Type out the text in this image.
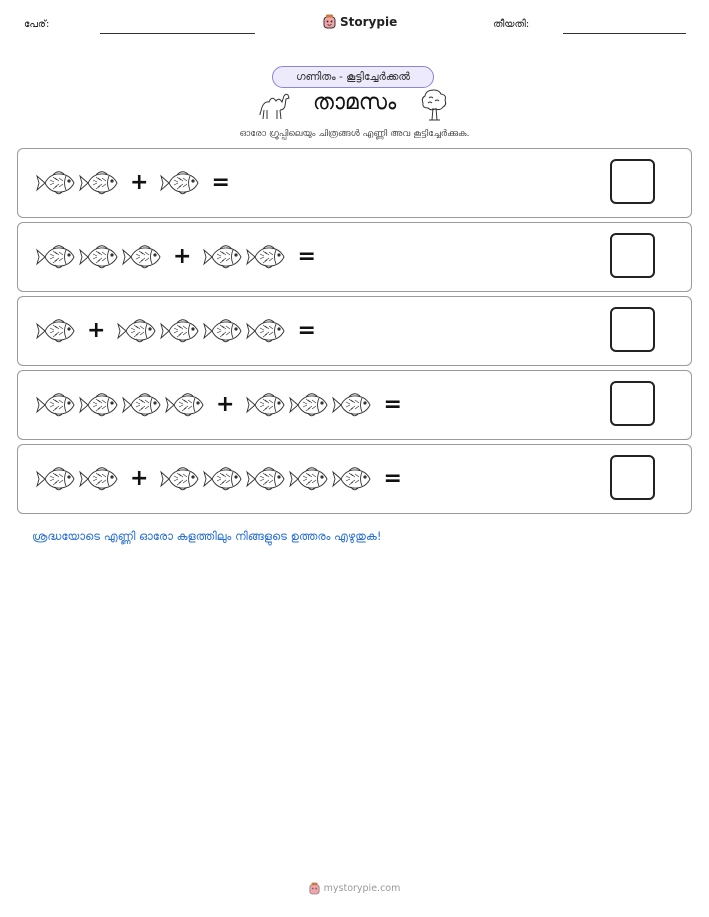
പേര്:	Storypie	തീയതി:
ഗണിതം - കൂട്ടിച്ചേർക്കൽ
താമസം
ഓരോ ഗ്രൂപ്പിലെയും ചിത്രങ്ങൾ എണ്ണി അവ കൂട്ടിച്ചേർക്കുക.
+	=
+	=
+	=
+	=
+	=
ശ്രദ്ധയോടെ എണ്ണി ഓരോ കളത്തിലും നിങ്ങളുടെ ഉത്തരം എഴുതുക!
mystorypie.com
